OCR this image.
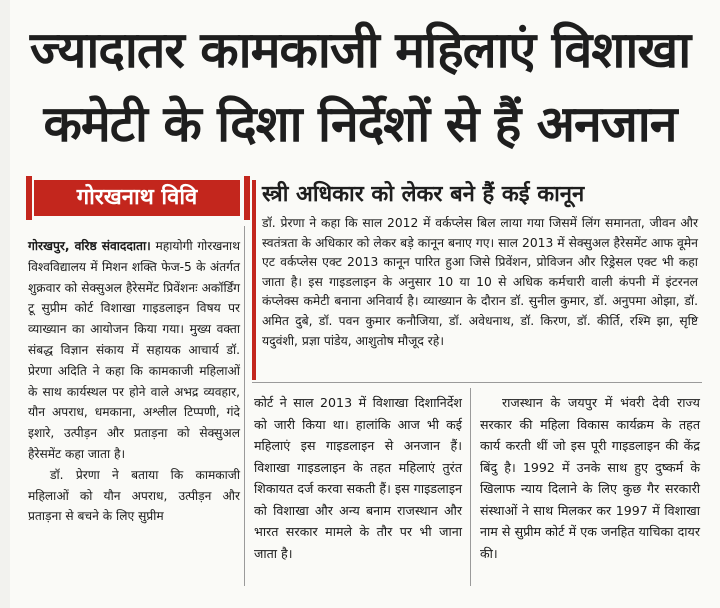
ज्यादातर कामकाजी महिलाएं विशाखा
कमेटी के दिशा निर्देशों से हैं अनजान
गोरखनाथ विवि	स्त्री अधिकार को लेकर बने हैं कई कानून

डॉ. प्रेरणा ने कहा कि साल 2012 में वर्कप्लेस बिल लाया गया जिसमें लिंग समानता, जीवन और स्वतंत्रता के अधिकार को लेकर बड़े कानून बनाए गए। साल 2013 में सेक्सुअल हैरेसमेंट आफ वूमेन एट वर्कप्लेस एक्ट 2013 कानून पारित हुआ जिसे प्रिवेंशन, प्रोविजन और रिड्रेसल एक्ट भी कहा जाता है। इस गाइडलाइन के अनुसार 10 या 10 से अधिक कर्मचारी वाली कंपनी में इंटरनल कंप्लेक्स कमेटी बनाना अनिवार्य है। व्याख्यान के दौरान डॉ. सुनील कुमार, डॉ. अनुपमा ओझा, डॉ. अमित दुबे, डॉ. पवन कुमार कनौजिया, डॉ. अवेधनाथ, डॉ. किरण, डॉ. कीर्ति, रश्मि झा, सृष्टि यदुवंशी, प्रज्ञा पांडेय, आशुतोष मौजूद रहे।

गोरखपुर, वरिष्ठ संवाददाता। महायोगी गोरखनाथ विश्वविद्यालय में मिशन शक्ति फेज-5 के अंतर्गत शुक्रवार को सेक्सुअल हैरेसमेंट प्रिवेंशनः अकॉर्डिंग टू सुप्रीम कोर्ट विशाखा गाइडलाइन विषय पर व्याख्यान का आयोजन किया गया। मुख्य वक्ता संबद्ध विज्ञान संकाय में सहायक आचार्य डॉ. प्रेरणा अदिति ने कहा कि कामकाजी महिलाओं के साथ कार्यस्थल पर होने वाले अभद्र व्यवहार, यौन अपराध, धमकाना, अश्लील टिप्पणी, गंदे इशारे, उत्पीड़न और प्रताड़ना को सेक्सुअल हैरेसमेंट कहा जाता है।

डॉ. प्रेरणा ने बताया कि कामकाजी महिलाओं को यौन अपराध, उत्पीड़न और प्रताड़ना से बचने के लिए सुप्रीम

कोर्ट ने साल 2013 में विशाखा दिशानिर्देश को जारी किया था। हालांकि आज भी कई महिलाएं इस गाइडलाइन से अनजान हैं। विशाखा गाइडलाइन के तहत महिलाएं तुरंत शिकायत दर्ज करवा सकती हैं। इस गाइडलाइन को विशाखा और अन्य बनाम राजस्थान और भारत सरकार मामले के तौर पर भी जाना जाता है।

राजस्थान के जयपुर में भंवरी देवी राज्य सरकार की महिला विकास कार्यक्रम के तहत कार्य करती थीं जो इस पूरी गाइडलाइन की केंद्र बिंदु है। 1992 में उनके साथ हुए दुष्कर्म के खिलाफ न्याय दिलाने के लिए कुछ गैर सरकारी संस्थाओं ने साथ मिलकर कर 1997 में विशाखा नाम से सुप्रीम कोर्ट में एक जनहित याचिका दायर की।
